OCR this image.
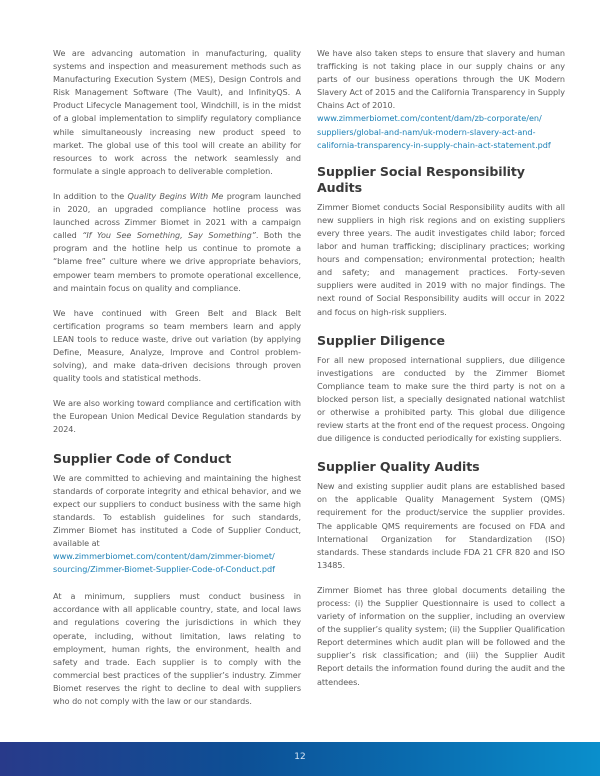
We are advancing automation in manufacturing, quality systems and inspection and measurement methods such as Manufacturing Execution System (MES), Design Controls and Risk Management Software (The Vault), and InfinityQS. A Product Lifecycle Management tool, Windchill, is in the midst of a global implementation to simplify regulatory compliance while simultaneously increasing new product speed to market. The global use of this tool will create an ability for resources to work across the network seamlessly and formulate a single approach to deliverable completion.

In addition to the Quality Begins With Me program launched in 2020, an upgraded compliance hotline process was launched across Zimmer Biomet in 2021 with a campaign called “If You See Something, Say Something”. Both the program and the hotline help us continue to promote a “blame free” culture where we drive appropriate behaviors, empower team members to promote operational excellence, and maintain focus on quality and compliance.

We have continued with Green Belt and Black Belt certification programs so team members learn and apply LEAN tools to reduce waste, drive out variation (by applying Define, Measure, Analyze, Improve and Control problem-solving), and make data-driven decisions through proven quality tools and statistical methods.

We are also working toward compliance and certification with the European Union Medical Device Regulation standards by 2024.

Supplier Code of Conduct

We are committed to achieving and maintaining the highest standards of corporate integrity and ethical behavior, and we expect our suppliers to conduct business with the same high standards. To establish guidelines for such standards, Zimmer Biomet has instituted a Code of Supplier Conduct, available at

www.zimmerbiomet.com/content/dam/zimmer-biomet/
sourcing/Zimmer-Biomet-Supplier-Code-of-Conduct.pdf

At a minimum, suppliers must conduct business in accordance with all applicable country, state, and local laws and regulations covering the jurisdictions in which they operate, including, without limitation, laws relating to employment, human rights, the environment, health and safety and trade. Each supplier is to comply with the commercial best practices of the supplier’s industry. Zimmer Biomet reserves the right to decline to deal with suppliers who do not comply with the law or our standards.

We have also taken steps to ensure that slavery and human trafficking is not taking place in our supply chains or any parts of our business operations through the UK Modern Slavery Act of 2015 and the California Transparency in Supply Chains Act of 2010.

www.zimmerbiomet.com/content/dam/zb-corporate/en/
suppliers/global-and-nam/uk-modern-slavery-act-and-
california-transparency-in-supply-chain-act-statement.pdf
Supplier Social Responsibility Audits

Zimmer Biomet conducts Social Responsibility audits with all new suppliers in high risk regions and on existing suppliers every three years. The audit investigates child labor; forced labor and human trafficking; disciplinary practices; working hours and compensation; environmental protection; health and safety; and management practices. Forty-seven suppliers were audited in 2019 with no major findings. The next round of Social Responsibility audits will occur in 2022 and focus on high-risk suppliers.

Supplier Diligence

For all new proposed international suppliers, due diligence investigations are conducted by the Zimmer Biomet Compliance team to make sure the third party is not on a blocked person list, a specially designated national watchlist or otherwise a prohibited party. This global due diligence review starts at the front end of the request process. Ongoing due diligence is conducted periodically for existing suppliers.

Supplier Quality Audits

New and existing supplier audit plans are established based on the applicable Quality Management System (QMS) requirement for the product/service the supplier provides. The applicable QMS requirements are focused on FDA and International Organization for Standardization (ISO) standards. These standards include FDA 21 CFR 820 and ISO 13485.

Zimmer Biomet has three global documents detailing the process: (i) the Supplier Questionnaire is used to collect a variety of information on the supplier, including an overview of the supplier’s quality system; (ii) the Supplier Qualification Report determines which audit plan will be followed and the supplier’s risk classification; and (iii) the Supplier Audit Report details the information found during the audit and the attendees.

12
